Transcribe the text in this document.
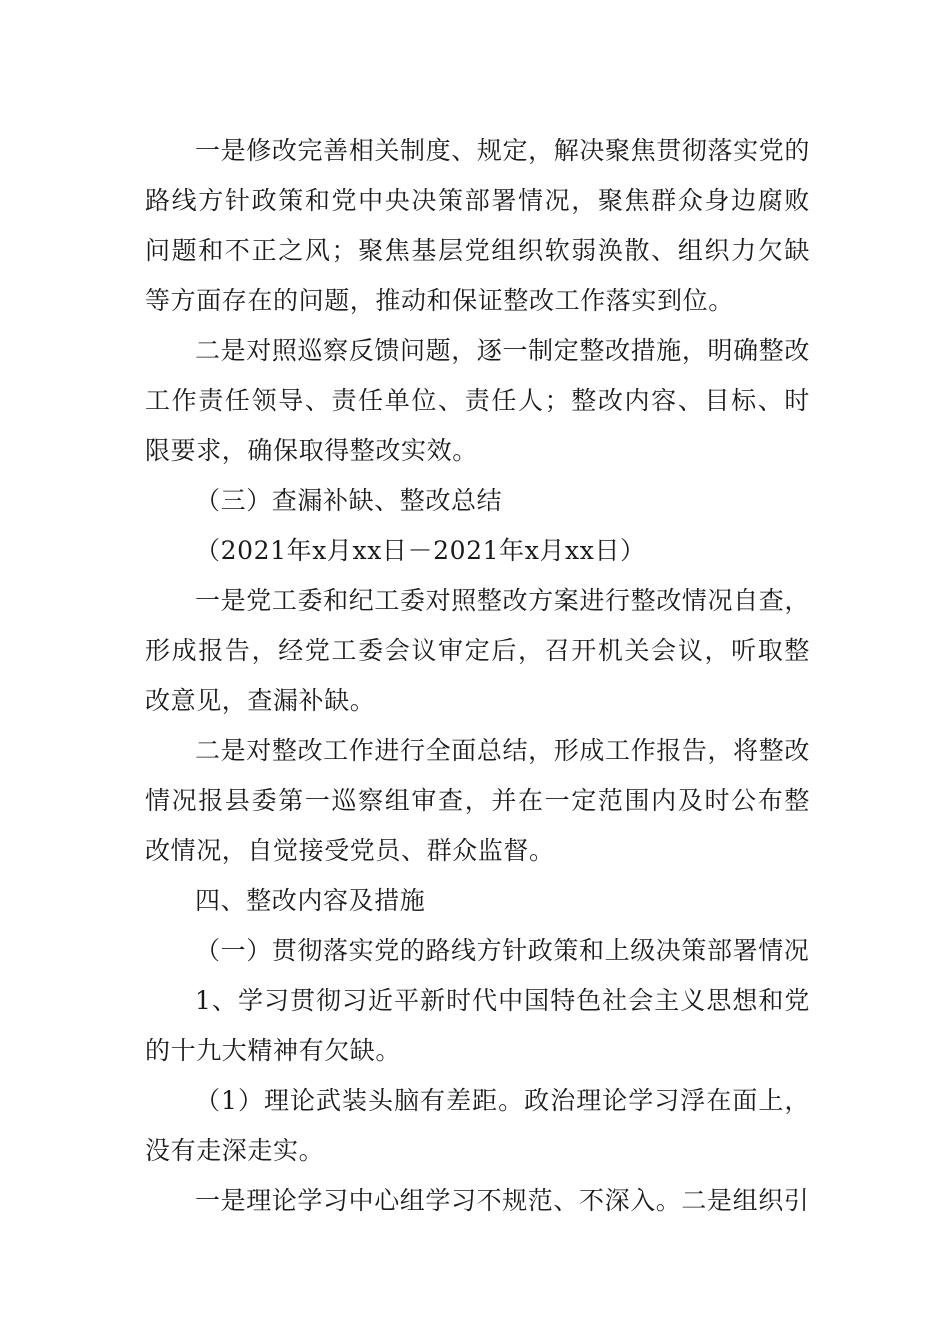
一是修改完善相关制度、规定，解决聚焦贯彻落实党的路线方针政策和党中央决策部署情况，聚焦群众身边腐败问题和不正之风；聚焦基层党组织软弱涣散、组织力欠缺等方面存在的问题，推动和保证整改工作落实到位。

二是对照巡察反馈问题，逐一制定整改措施，明确整改工作责任领导、责任单位、责任人；整改内容、目标、时限要求，确保取得整改实效。

（三）查漏补缺、整改总结

（2021年x月xx日－2021年x月xx日）

一是党工委和纪工委对照整改方案进行整改情况自查，形成报告，经党工委会议审定后，召开机关会议，听取整改意见，查漏补缺。

二是对整改工作进行全面总结，形成工作报告，将整改情况报县委第一巡察组审查，并在一定范围内及时公布整改情况，自觉接受党员、群众监督。

四、整改内容及措施

（一）贯彻落实党的路线方针政策和上级决策部署情况

1、学习贯彻习近平新时代中国特色社会主义思想和党的十九大精神有欠缺。

（1）理论武装头脑有差距。政治理论学习浮在面上，没有走深走实。

一是理论学习中心组学习不规范、不深入。二是组织引
